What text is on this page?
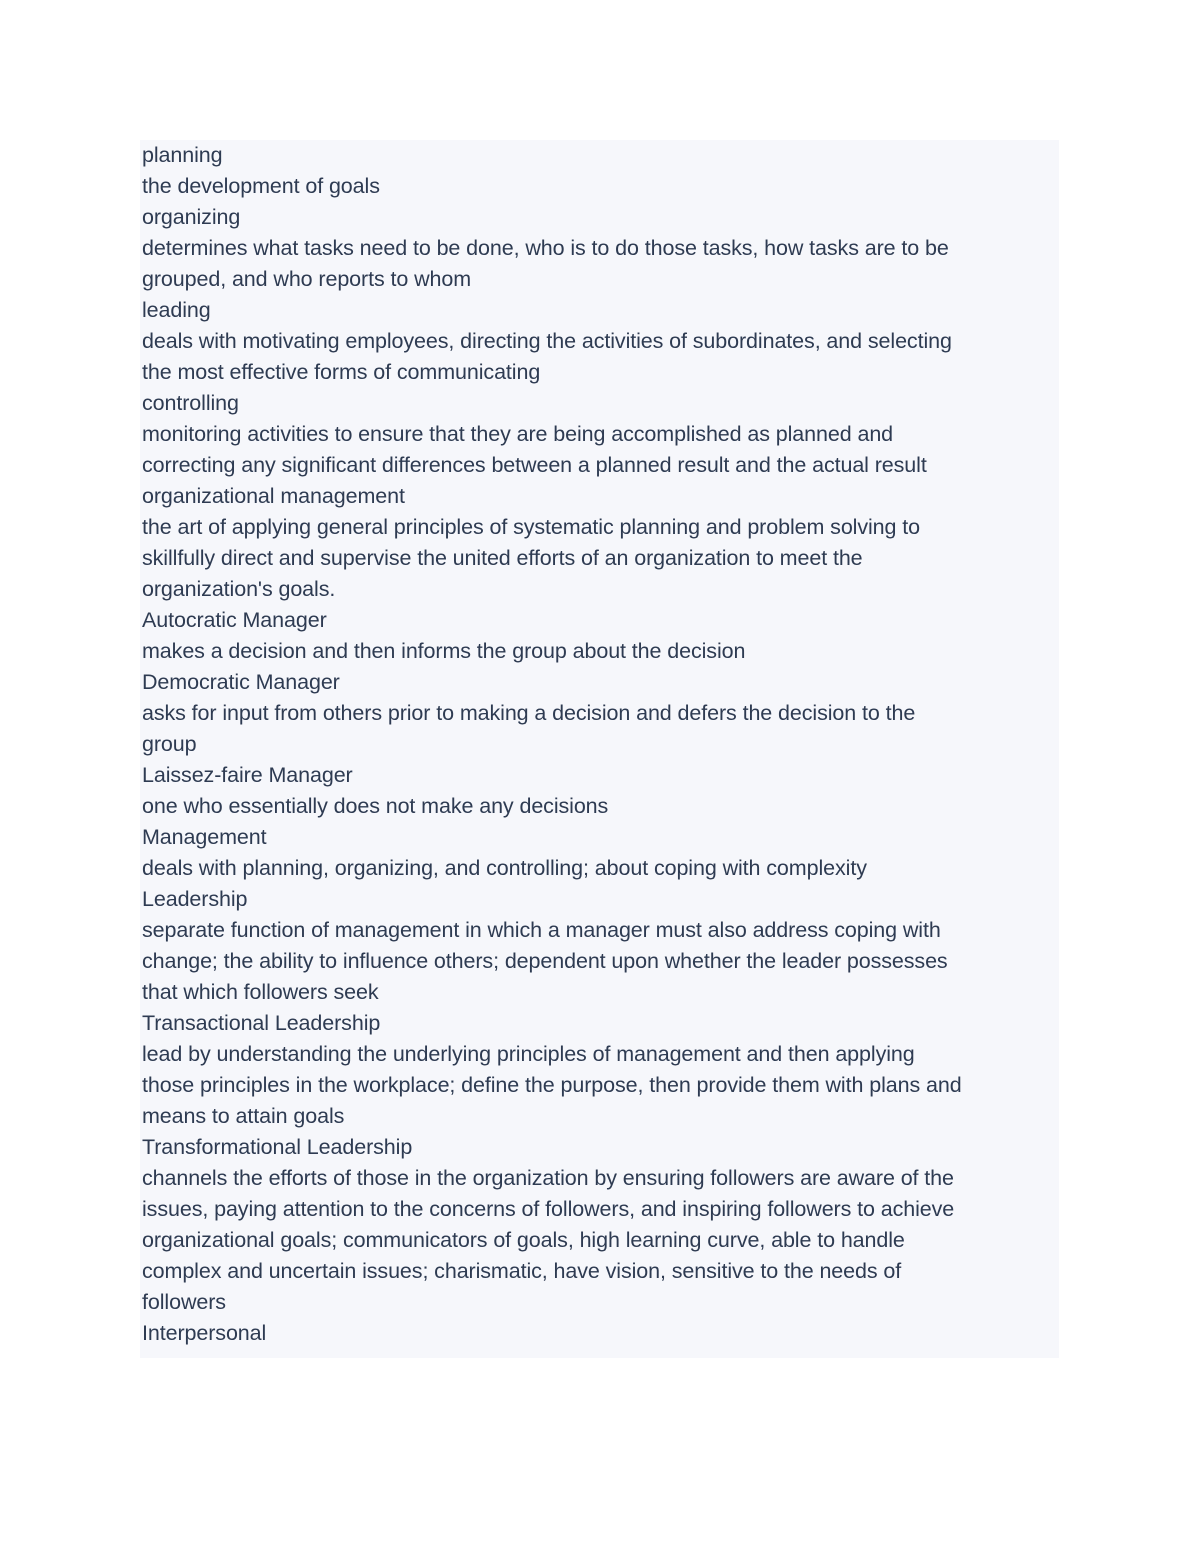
planning
the development of goals
organizing
determines what tasks need to be done, who is to do those tasks, how tasks are to be
grouped, and who reports to whom
leading
deals with motivating employees, directing the activities of subordinates, and selecting
the most effective forms of communicating
controlling
monitoring activities to ensure that they are being accomplished as planned and
correcting any significant differences between a planned result and the actual result
organizational management
the art of applying general principles of systematic planning and problem solving to
skillfully direct and supervise the united efforts of an organization to meet the
organization's goals.
Autocratic Manager
makes a decision and then informs the group about the decision
Democratic Manager
asks for input from others prior to making a decision and defers the decision to the
group
Laissez-faire Manager
one who essentially does not make any decisions
Management
deals with planning, organizing, and controlling; about coping with complexity
Leadership
separate function of management in which a manager must also address coping with
change; the ability to influence others; dependent upon whether the leader possesses
that which followers seek
Transactional Leadership
lead by understanding the underlying principles of management and then applying
those principles in the workplace; define the purpose, then provide them with plans and
means to attain goals
Transformational Leadership
channels the efforts of those in the organization by ensuring followers are aware of the
issues, paying attention to the concerns of followers, and inspiring followers to achieve
organizational goals; communicators of goals, high learning curve, able to handle
complex and uncertain issues; charismatic, have vision, sensitive to the needs of
followers
Interpersonal
